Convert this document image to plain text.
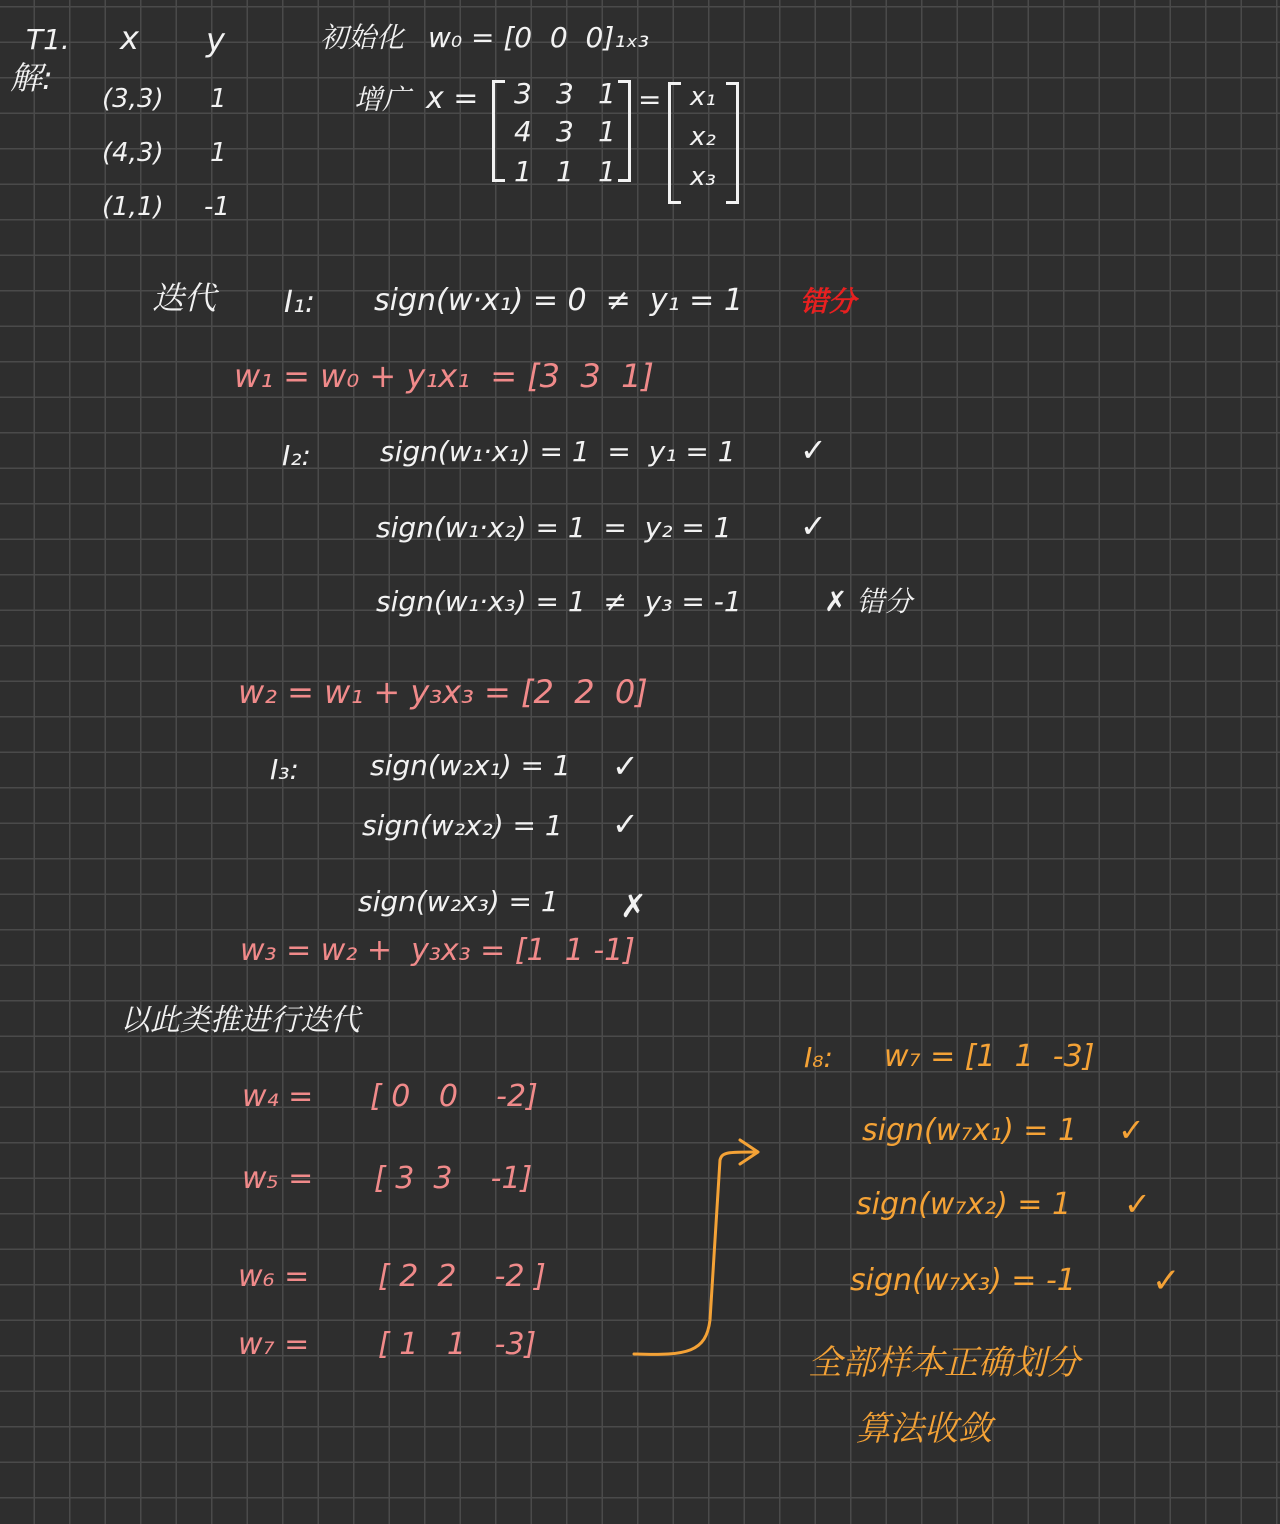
T1.
解:
x y	初始化 w₀ = [0  0  0]₁ₓ₃
(3,3) 1
(4,3) 1
(1,1) -1
增广 x = 3 3 1
4 3 1
1 1 1
= x₁
x₂
x₃
迭代 I₁: sign(w·x₁) = 0  ≠  y₁ = 1 错分
w₁ = w₀ + y₁x₁  = [3  3  1]
I₂: sign(w₁·x₁) = 1  =  y₁ = 1 ✓
sign(w₁·x₂) = 1  =  y₂ = 1 ✓
sign(w₁·x₃) = 1  ≠  y₃ = -1	✗ 错分
w₂ = w₁ + y₃x₃ = [2  2  0]
I₃:	sign(w₂x₁) = 1 ✓
sign(w₂x₂) = 1 ✓
sign(w₂x₃) = 1 ✗
w₃ = w₂ +  y₃x₃ = [1  1 -1]
以此类推进行迭代
w₄ = [ 0   0    -2]
w₅ = [ 3  3    -1]
w₆ = [ 2  2    -2 ]
w₇ = [ 1   1   -3]
I₈: w₇ = [1  1  -3]
sign(w₇x₁) = 1 ✓
sign(w₇x₂) = 1 ✓
sign(w₇x₃) = -1 ✓
全部样本正确划分
算法收敛
